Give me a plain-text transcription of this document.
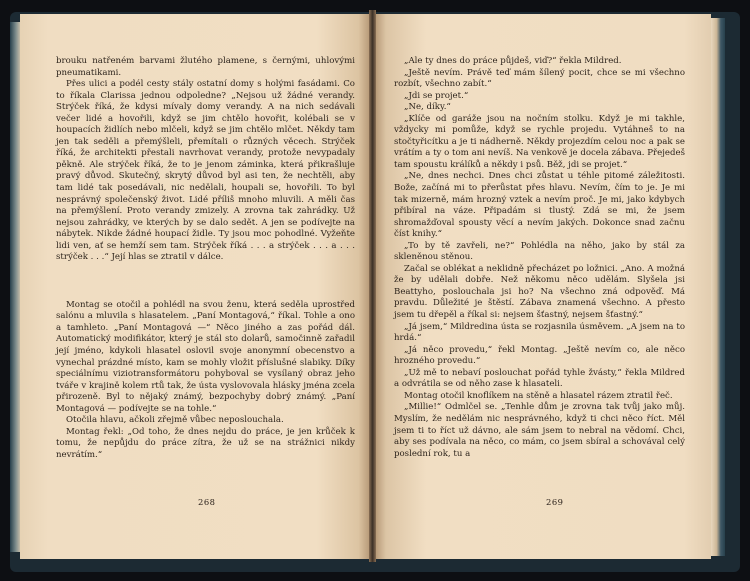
brouku natřeném barvami žlutého plamene, s černými, uhlovými pneumatikami.

Přes ulici a podél cesty stály ostatní domy s holými fasádami. Co to říkala Clarissa jednou odpoledne? „Nejsou už žádné verandy. Strýček říká, že kdysi mívaly domy verandy. A na nich sedávali večer lidé a hovořili, když se jim chtělo hovořit, kolébali se v houpacích židlích nebo mlčeli, když se jim chtělo mlčet. Někdy tam jen tak seděli a přemýšleli, přemítali o různých věcech. Strýček říká, že architekti přestali navrhovat verandy, protože nevypadaly pěkně. Ale strýček říká, že to je jenom záminka, která přikrašluje pravý důvod. Skutečný, skrytý důvod byl asi ten, že nechtěli, aby tam lidé tak posedávali, nic nedělali, houpali se, hovořili. To byl nesprávný společenský život. Lidé příliš mnoho mluvili. A měli čas na přemýšlení. Proto verandy zmizely. A zrovna tak zahrádky. Už nejsou zahrádky, ve kterých by se dalo sedět. A jen se podívejte na nábytek. Nikde žádné houpací židle. Ty jsou moc pohodlné. Vyžeňte lidi ven, ať se hemží sem tam. Strýček říká . . . a strýček . . . a . . . strýček . . .“ Její hlas se ztratil v dálce.

Montag se otočil a pohlédl na svou ženu, která seděla uprostřed salónu a mluvila s hlasatelem. „Paní Montagová,“ říkal. Tohle a ono a tamhleto. „Paní Montagová —“ Něco jiného a zas pořád dál. Automatický modifikátor, který je stál sto dolarů, samočinně zařadil její jméno, kdykoli hlasatel oslovil svoje anonymní obecenstvo a vynechal prázdné místo, kam se mohly vložit příslušné slabiky. Díky speciálnímu viziotransformátoru pohyboval se vysílaný obraz jeho tváře v krajině kolem rtů tak, že ústa vyslovovala hlásky jména zcela přirozeně. Byl to nějaký známý, bezpochyby dobrý známý. „Paní Montagová — podívejte se na tohle.“

Otočila hlavu, ačkoli zřejmě vůbec neposlouchala.

Montag řekl: „Od toho, že dnes nejdu do práce, je jen krůček k tomu, že nepůjdu do práce zítra, že už se na strážnici nikdy nevrátím.“

268

„Ale ty dnes do práce půjdeš, viď?“ řekla Mildred.

„Ještě nevím. Právě teď mám šílený pocit, chce se mi všechno rozbít, všechno zabít.“

„Jdi se projet.“

„Ne, díky.“

„Klíče od garáže jsou na nočním stolku. Když je mi takhle, vždycky mi pomůže, když se rychle projedu. Vytáhneš to na stočtyřicítku a je ti nádherně. Někdy projezdím celou noc a pak se vrátím a ty o tom ani nevíš. Na venkově je docela zábava. Přejedeš tam spoustu králíků a někdy i psů. Běž, jdi se projet.“

„Ne, dnes nechci. Dnes chci zůstat u téhle pitomé záležitosti. Bože, začíná mi to přerůstat přes hlavu. Nevím, čím to je. Je mi tak mizerně, mám hrozný vztek a nevím proč. Je mi, jako kdybych přibíral na váze. Připadám si tlustý. Zdá se mi, že jsem shromažďoval spousty věcí a nevím jakých. Dokonce snad začnu číst knihy.“

„To by tě zavřeli, ne?“ Pohlédla na něho, jako by stál za skleněnou stěnou.

Začal se oblékat a neklidně přecházet po ložnici. „Ano. A možná že by udělali dobře. Než někomu něco udělám. Slyšela jsi Beattyho, poslouchala jsi ho? Na všechno zná odpověď. Má pravdu. Důležité je štěstí. Zábava znamená všechno. A přesto jsem tu dřepěl a říkal si: nejsem šťastný, nejsem šťastný.“

„Já jsem,“ Mildredina ústa se rozjasnila úsměvem. „A jsem na to hrdá.“

„Já něco provedu,“ řekl Montag. „Ještě nevím co, ale něco hrozného provedu.“

„Už mě to nebaví poslouchat pořád tyhle žvásty,“ řekla Mildred a odvrátila se od něho zase k hlasateli.

Montag otočil knoflíkem na stěně a hlasatel rázem ztratil řeč.

„Millie!“ Odmlčel se. „Tenhle dům je zrovna tak tvůj jako můj. Myslím, že nedělám nic nesprávného, když ti chci něco říct. Měl jsem ti to říct už dávno, ale sám jsem to nebral na vědomí. Chci, aby ses podívala na něco, co mám, co jsem sbíral a schovával celý poslední rok, tu a

269
